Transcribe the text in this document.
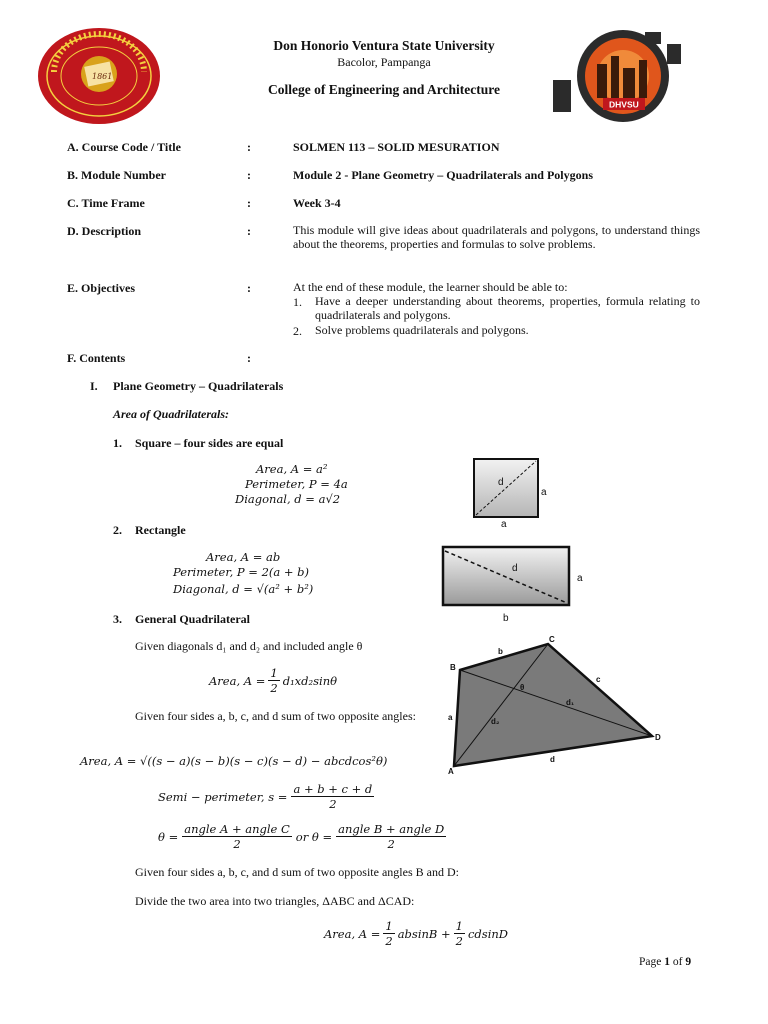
1861
DHVSU
Don Honorio Ventura State University
Bacolor, Pampanga
College of Engineering and Architecture
A. Course Code / Title	:	SOLMEN 113 – SOLID MESURATION
B. Module Number	:	Module 2 - Plane Geometry – Quadrilaterals and Polygons
C. Time Frame	:	Week 3-4
D. Description	:	This module will give ideas about quadrilaterals and polygons, to understand things about the theorems, properties and formulas to solve problems.
E. Objectives	:	At the end of these module, the learner should be able to:
1. Have a deeper understanding about theorems, properties, formula relating to quadrilaterals and polygons.
2. Solve problems quadrilaterals and polygons.
F. Contents	:
I. Plane Geometry – Quadrilaterals
Area of Quadrilaterals:
1. Square – four sides are equal
Area, A = a²
Perimeter, P = 4a
Diagonal, d = a√2
d
a
a
2. Rectangle
Area, A = ab
Perimeter, P = 2(a + b)
Diagonal, d = √(a² + b²)
d
a
b
3. General Quadrilateral
Given diagonals d₁ and d₂ and included angle θ
Area, $A = \frac{1}{2} d_1xd_2\sin\theta$
Given four sides a, b, c, and d sum of two opposite angles:
Area, A = √((s − a)(s − b)(s − c)(s − d) − abcdcos²θ)
Semi − perimeter, $s = \frac{a + b + c + d}{2}$
$\theta = \frac{\text{angle A + angle C}}{2}$ or $\theta = \frac{\text{angle B + angle D}}{2}$
Given four sides a, b, c, and d sum of two opposite angles B and D:
Divide the two area into two triangles, ΔABC and ΔCAD:
Area, $A = \frac{1}{2}$ $absinB + \frac{1}{2}$ cdsinD
B
C
D
A
b
c
d
a
θ
d₁
d₂
Page 1 of 9
